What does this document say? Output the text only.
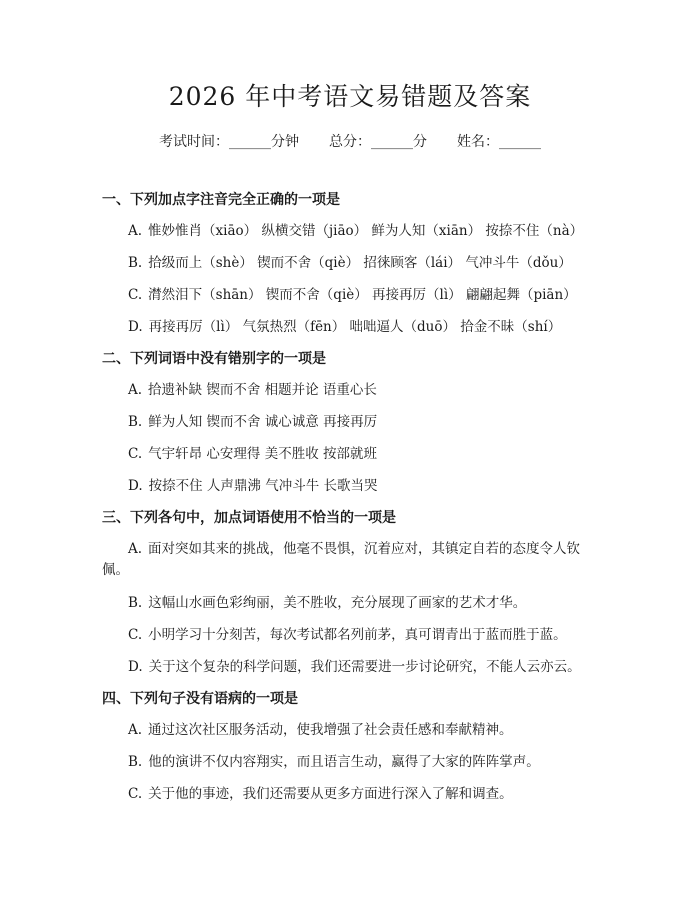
2026 年中考语文易错题及答案
考试时间：______分钟 总分：______分 姓名：______
一、下列加点字注音完全正确的一项是
A. 惟妙惟肖（xiāo） 纵横交错（jiāo） 鲜为人知（xiān） 按捺不住（nà）
B. 拾级而上（shè） 锲而不舍（qiè） 招徕顾客（lái） 气冲斗牛（dǒu）
C. 潸然泪下（shān） 锲而不舍（qiè） 再接再厉（lì） 翩翩起舞（piān）
D. 再接再厉（lì） 气氛热烈（fēn） 咄咄逼人（duō） 拾金不昧（shí）
二、下列词语中没有错别字的一项是
A. 拾遗补缺 锲而不舍 相题并论 语重心长
B. 鲜为人知 锲而不舍 诚心诚意 再接再厉
C. 气宇轩昂 心安理得 美不胜收 按部就班
D. 按捺不住 人声鼎沸 气冲斗牛 长歌当哭
三、下列各句中，加点词语使用不恰当的一项是
A. 面对突如其来的挑战，他毫不畏惧，沉着应对，其镇定自若的态度令人钦佩。
B. 这幅山水画色彩绚丽，美不胜收，充分展现了画家的艺术才华。
C. 小明学习十分刻苦，每次考试都名列前茅，真可谓青出于蓝而胜于蓝。
D. 关于这个复杂的科学问题，我们还需要进一步讨论研究，不能人云亦云。
四、下列句子没有语病的一项是
A. 通过这次社区服务活动，使我增强了社会责任感和奉献精神。
B. 他的演讲不仅内容翔实，而且语言生动，赢得了大家的阵阵掌声。
C. 关于他的事迹，我们还需要从更多方面进行深入了解和调查。
